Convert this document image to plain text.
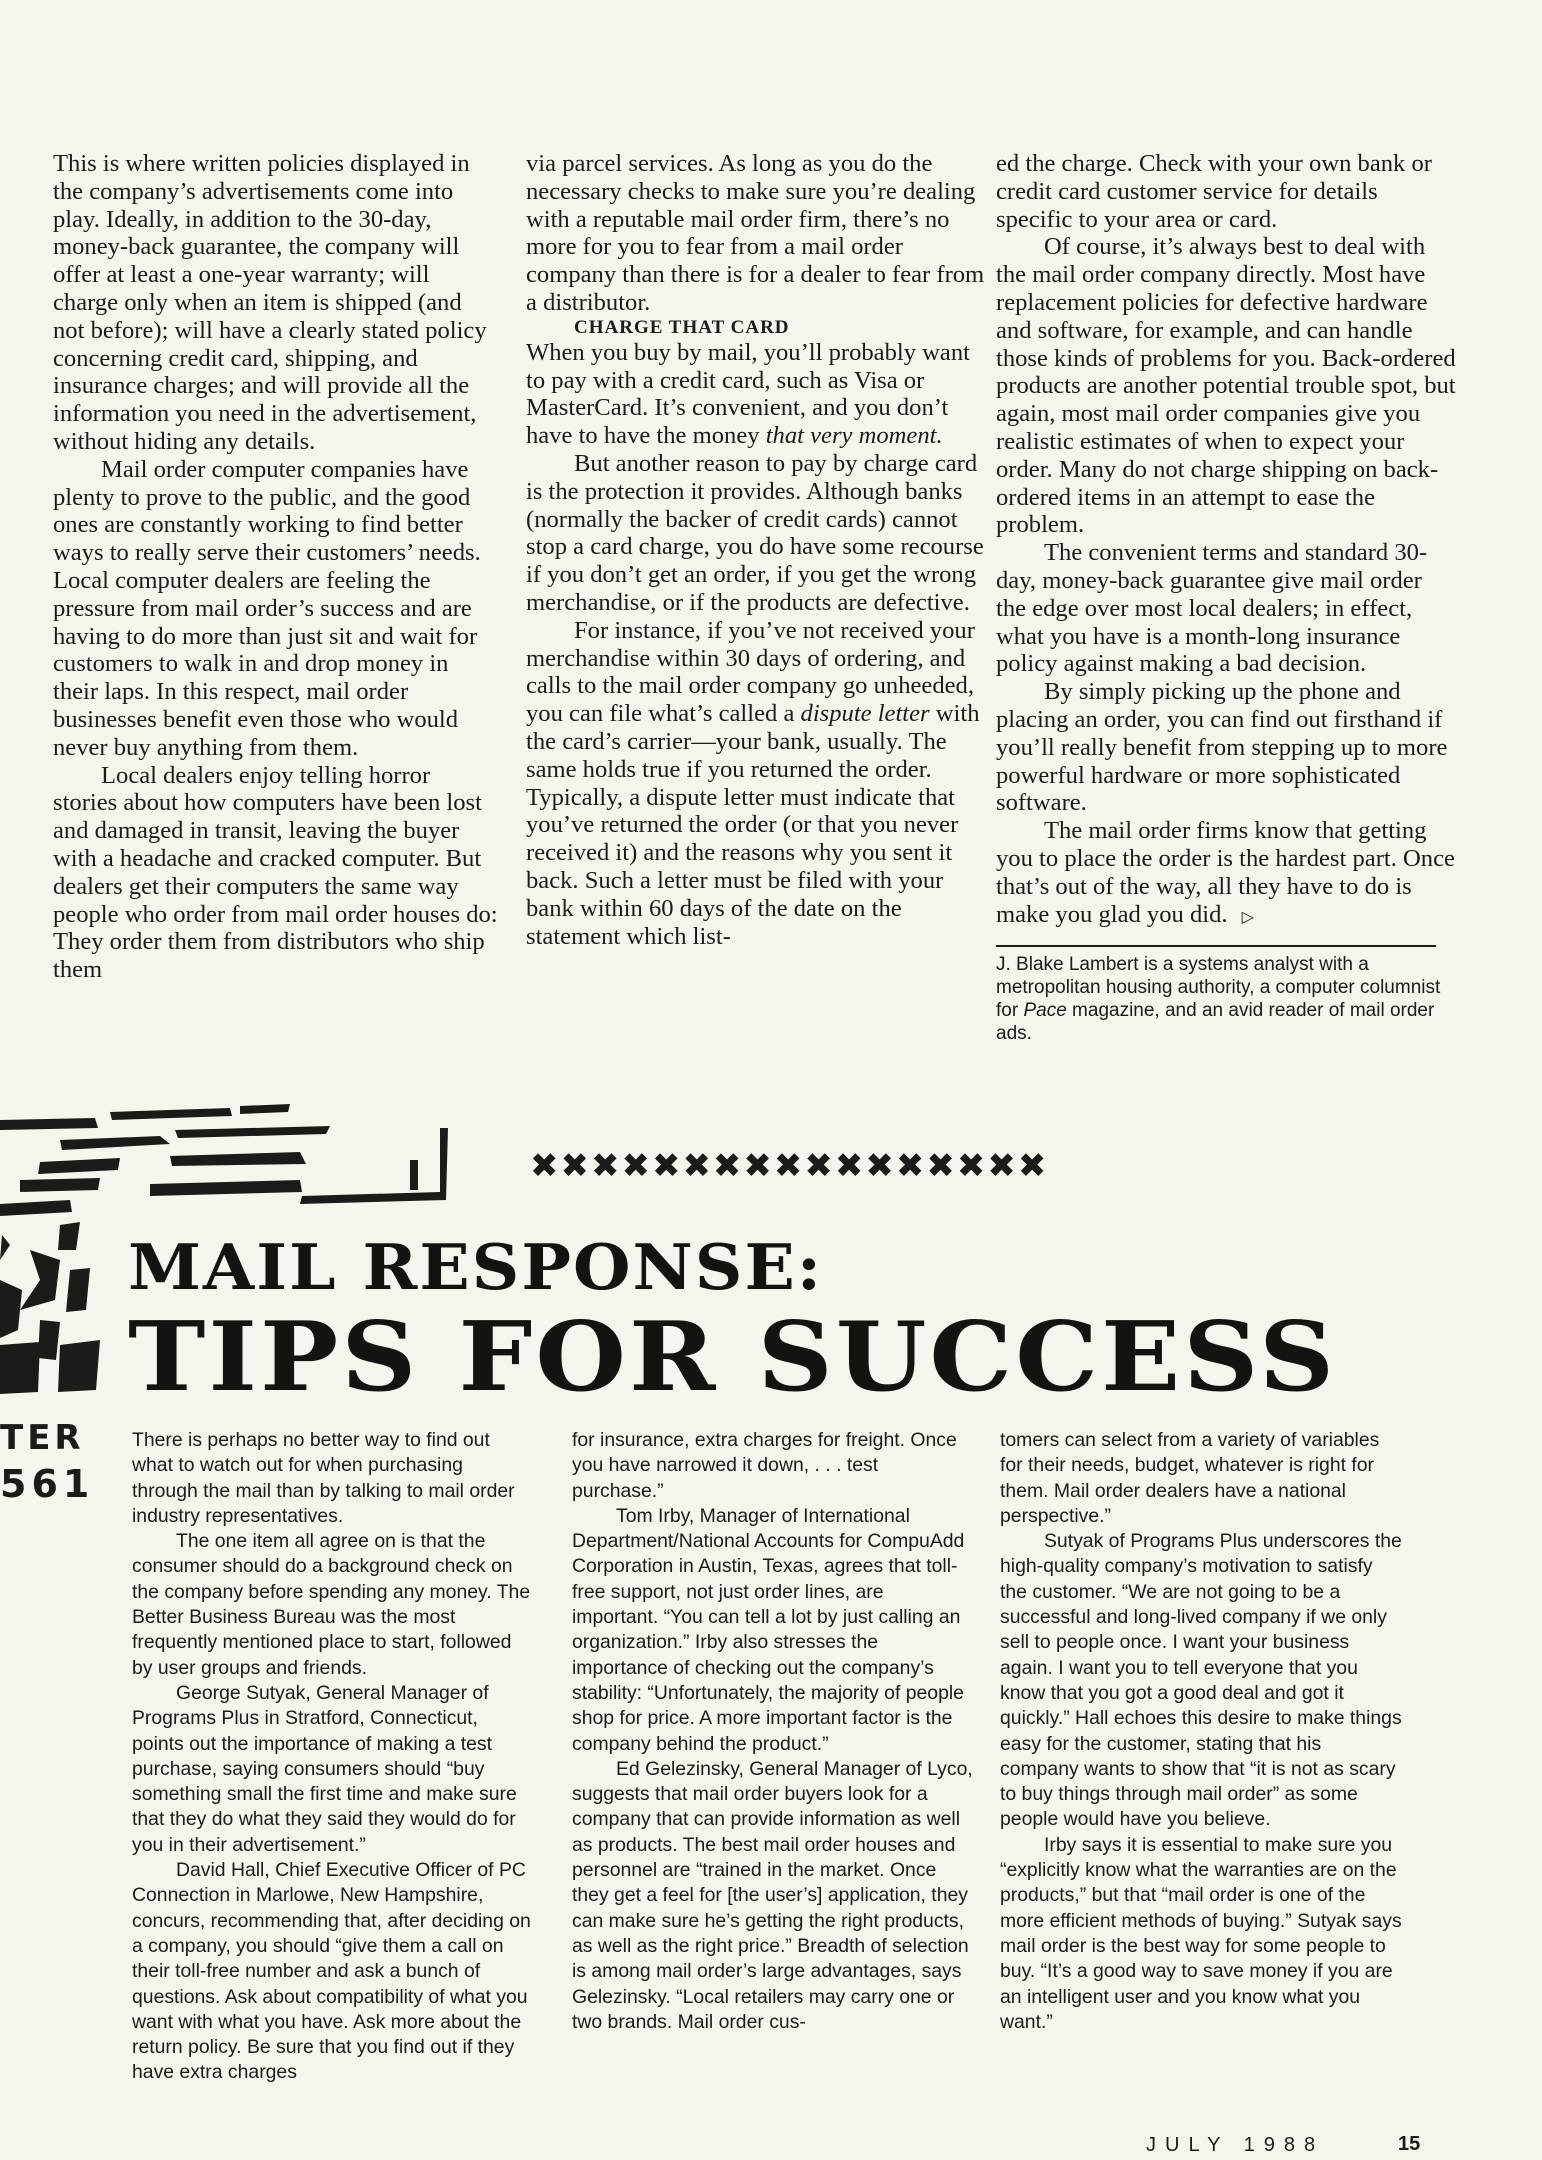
This is where written policies displayed in the company’s advertisements come into play. Ideally, in addition to the 30-day, money-back guarantee, the company will offer at least a one-year warranty; will charge only when an item is shipped (and not before); will have a clearly stated policy concerning credit card, shipping, and insurance charges; and will provide all the information you need in the advertisement, without hiding any details.

Mail order computer companies have plenty to prove to the public, and the good ones are constantly working to find better ways to really serve their customers’ needs. Local computer dealers are feeling the pressure from mail order’s success and are having to do more than just sit and wait for customers to walk in and drop money in their laps. In this respect, mail order businesses benefit even those who would never buy anything from them.

Local dealers enjoy telling horror stories about how computers have been lost and damaged in transit, leaving the buyer with a headache and cracked computer. But dealers get their computers the same way people who order from mail order houses do: They order them from distributors who ship them

via parcel services. As long as you do the necessary checks to make sure you’re dealing with a reputable mail order firm, there’s no more for you to fear from a mail order company than there is for a dealer to fear from a distributor.

CHARGE THAT CARD

When you buy by mail, you’ll probably want to pay with a credit card, such as Visa or MasterCard. It’s convenient, and you don’t have to have the money that very moment.

But another reason to pay by charge card is the protection it provides. Although banks (normally the backer of credit cards) cannot stop a card charge, you do have some recourse if you don’t get an order, if you get the wrong merchandise, or if the products are defective.

For instance, if you’ve not received your merchandise within 30 days of ordering, and calls to the mail order company go unheeded, you can file what’s called a dispute letter with the card’s carrier—your bank, usually. The same holds true if you returned the order. Typically, a dispute letter must indicate that you’ve returned the order (or that you never received it) and the reasons why you sent it back. Such a letter must be filed with your bank within 60 days of the date on the statement which list-

ed the charge. Check with your own bank or credit card customer service for details specific to your area or card.

Of course, it’s always best to deal with the mail order company directly. Most have replacement policies for defective hardware and software, for example, and can handle those kinds of problems for you. Back-ordered products are another potential trouble spot, but again, most mail order companies give you realistic estimates of when to expect your order. Many do not charge shipping on back-ordered items in an attempt to ease the problem.

The convenient terms and standard 30-day, money-back guarantee give mail order the edge over most local dealers; in effect, what you have is a month-long insurance policy against making a bad decision.

By simply picking up the phone and placing an order, you can find out firsthand if you’ll really benefit from stepping up to more powerful hardware or more sophisticated software.

The mail order firms know that getting you to place the order is the hardest part. Once that’s out of the way, all they have to do is make you glad you did. ▷

J. Blake Lambert is a systems analyst with a metropolitan housing authority, a computer columnist for Pace magazine, and an avid reader of mail order ads.

✖✖✖✖✖✖✖✖✖✖✖✖✖✖✖✖✖
TER
561
MAIL RESPONSE:
TIPS FOR SUCCESS

There is perhaps no better way to find out what to watch out for when purchasing through the mail than by talking to mail order industry representatives.

The one item all agree on is that the consumer should do a background check on the company before spending any money. The Better Business Bureau was the most frequently mentioned place to start, followed by user groups and friends.

George Sutyak, General Manager of Programs Plus in Stratford, Connecticut, points out the importance of making a test purchase, saying consumers should “buy something small the first time and make sure that they do what they said they would do for you in their advertisement.”

David Hall, Chief Executive Officer of PC Connection in Marlowe, New Hampshire, concurs, recommending that, after deciding on a company, you should “give them a call on their toll-free number and ask a bunch of questions. Ask about compatibility of what you want with what you have. Ask more about the return policy. Be sure that you find out if they have extra charges

for insurance, extra charges for freight. Once you have narrowed it down, . . . test purchase.”

Tom Irby, Manager of International Department/National Accounts for CompuAdd Corporation in Austin, Texas, agrees that toll-free support, not just order lines, are important. “You can tell a lot by just calling an organization.” Irby also stresses the importance of checking out the company’s stability: “Unfortunately, the majority of people shop for price. A more important factor is the company behind the product.”

Ed Gelezinsky, General Manager of Lyco, suggests that mail order buyers look for a company that can provide information as well as products. The best mail order houses and personnel are “trained in the market. Once they get a feel for [the user’s] application, they can make sure he’s getting the right products, as well as the right price.” Breadth of selection is among mail order’s large advantages, says Gelezinsky. “Local retailers may carry one or two brands. Mail order cus-

tomers can select from a variety of variables for their needs, budget, whatever is right for them. Mail order dealers have a national perspective.”

Sutyak of Programs Plus underscores the high-quality company’s motivation to satisfy the customer. “We are not going to be a successful and long-lived company if we only sell to people once. I want your business again. I want you to tell everyone that you know that you got a good deal and got it quickly.” Hall echoes this desire to make things easy for the customer, stating that his company wants to show that “it is not as scary to buy things through mail order” as some people would have you believe.

Irby says it is essential to make sure you “explicitly know what the warranties are on the products,” but that “mail order is one of the more efficient methods of buying.” Sutyak says mail order is the best way for some people to buy. “It’s a good way to save money if you are an intelligent user and you know what you want.”

JULY 1988	15
